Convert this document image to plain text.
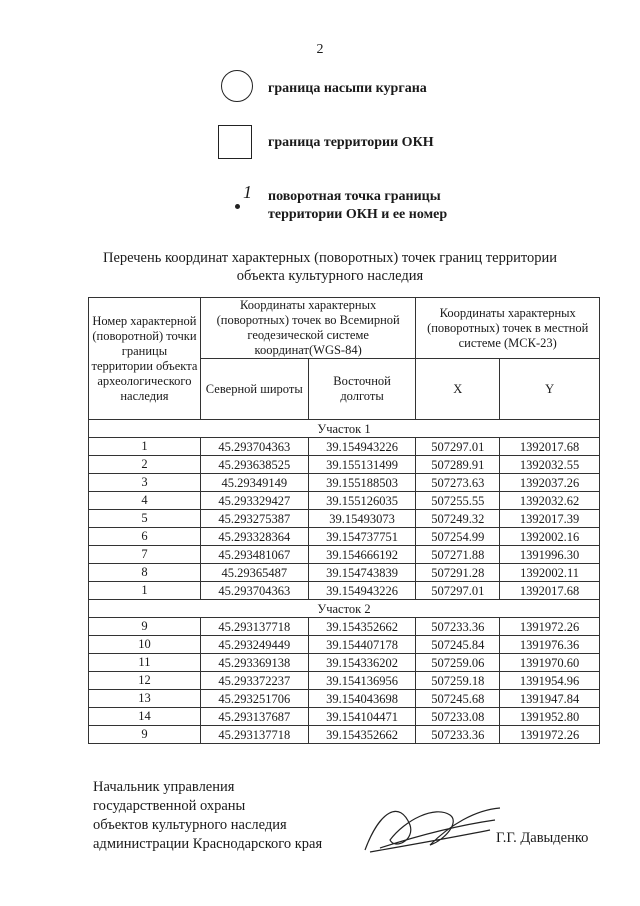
2
граница насыпи кургана
граница территории ОКН
1 поворотная точка границы
территории ОКН и ее номер
Перечень координат характерных (поворотных) точек границ территории
объекта культурного наследия
Номер характерной (поворотной) точки границы территории объекта археологического наследия	Координаты характерных (поворотных) точек во Всемирной геодезической системе координат(WGS-84)		Координаты характерных (поворотных) точек в местной системе (МСК-23)	
	Северной широты	Восточной долготы	X	Y
Участок 1				
1	45.293704363	39.154943226	507297.01	1392017.68
2	45.293638525	39.155131499	507289.91	1392032.55
3	45.29349149	39.155188503	507273.63	1392037.26
4	45.293329427	39.155126035	507255.55	1392032.62
5	45.293275387	39.15493073	507249.32	1392017.39
6	45.293328364	39.154737751	507254.99	1392002.16
7	45.293481067	39.154666192	507271.88	1391996.30
8	45.29365487	39.154743839	507291.28	1392002.11
1	45.293704363	39.154943226	507297.01	1392017.68
Участок 2				
9	45.293137718	39.154352662	507233.36	1391972.26
10	45.293249449	39.154407178	507245.84	1391976.36
11	45.293369138	39.154336202	507259.06	1391970.60
12	45.293372237	39.154136956	507259.18	1391954.96
13	45.293251706	39.154043698	507245.68	1391947.84
14	45.293137687	39.154104471	507233.08	1391952.80
9	45.293137718	39.154352662	507233.36	1391972.26
Начальник управления
государственной охраны
объектов культурного наследия
администрации Краснодарского края	Г.Г. Давыденко
